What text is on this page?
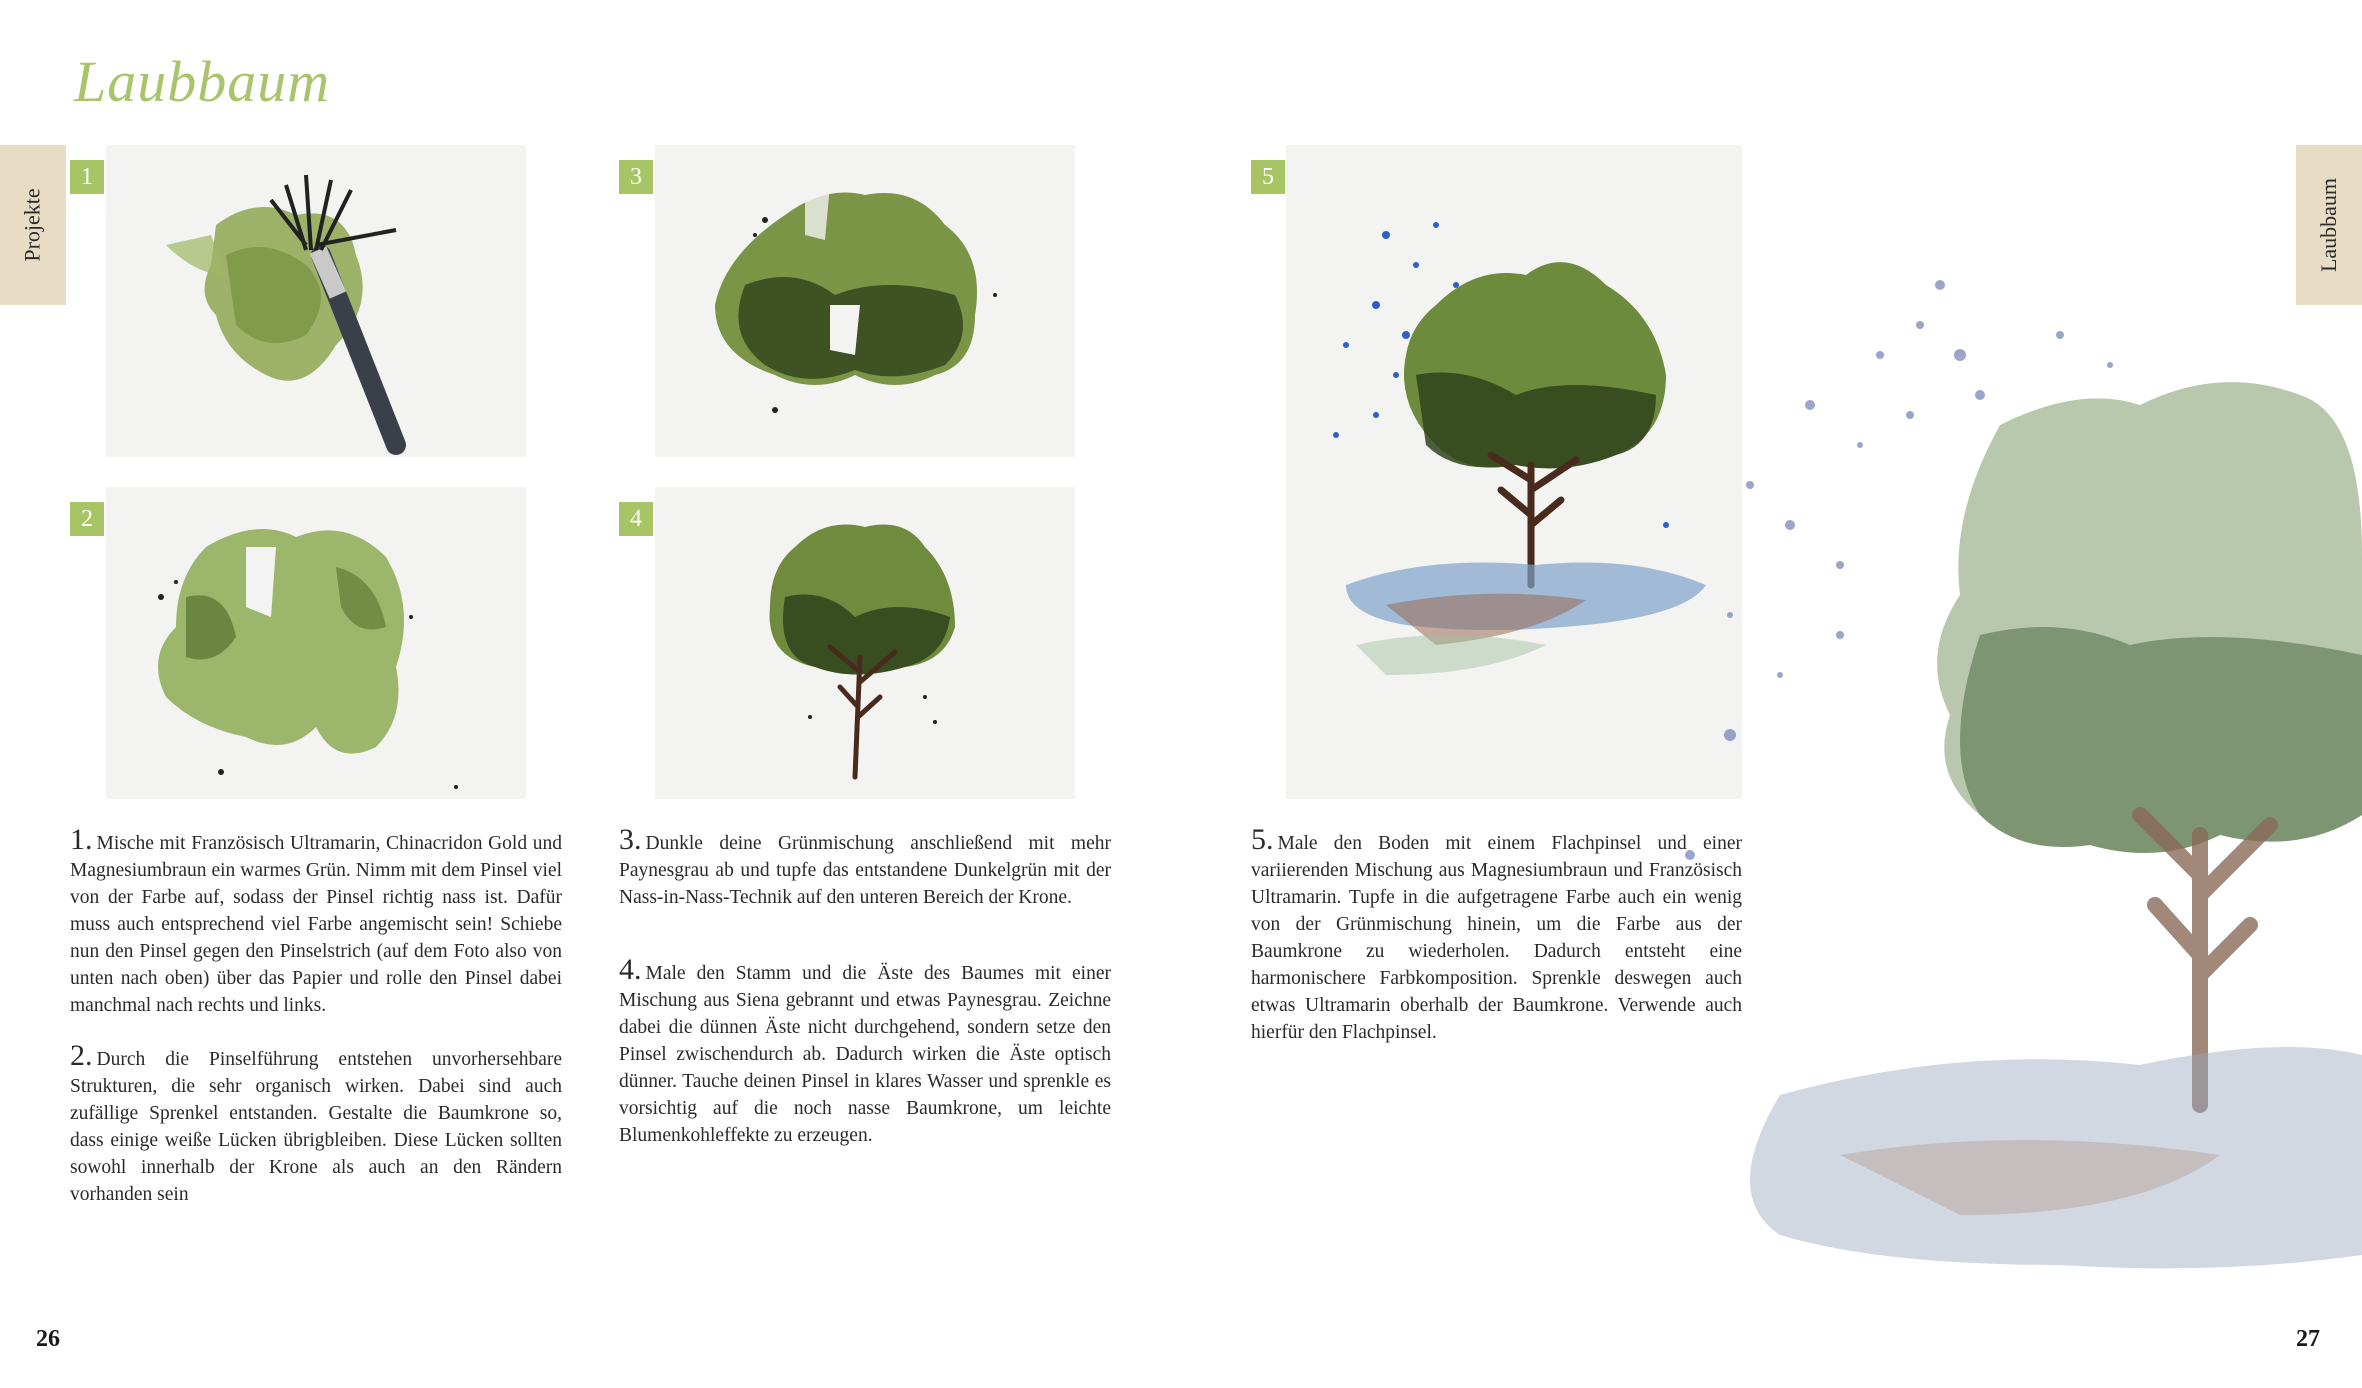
Laubbaum
Projekte	Laubbaum
1
2
3
4
5
1. Mische mit Französisch Ultramarin, Chinacridon Gold und Magnesiumbraun ein warmes Grün. Nimm mit dem Pinsel viel von der Farbe auf, sodass der Pinsel richtig nass ist. Dafür muss auch entsprechend viel Farbe angemischt sein! Schiebe nun den Pinsel gegen den Pinselstrich (auf dem Foto also von unten nach oben) über das Papier und rolle den Pinsel dabei manchmal nach rechts und links.
2. Durch die Pinselführung entstehen unvorhersehbare Strukturen, die sehr organisch wirken. Dabei sind auch zufällige Sprenkel entstanden. Gestalte die Baumkrone so, dass einige weiße Lücken übrigbleiben. Diese Lücken sollten sowohl innerhalb der Krone als auch an den Rändern vorhanden sein
3. Dunkle deine Grünmischung anschließend mit mehr Paynesgrau ab und tupfe das entstandene Dunkelgrün mit der Nass-in-Nass-Technik auf den unteren Bereich der Krone.
4. Male den Stamm und die Äste des Baumes mit einer Mischung aus Siena gebrannt und etwas Paynesgrau. Zeichne dabei die dünnen Äste nicht durchgehend, sondern setze den Pinsel zwischendurch ab. Dadurch wirken die Äste optisch dünner. Tauche deinen Pinsel in klares Wasser und sprenkle es vorsichtig auf die noch nasse Baumkrone, um leichte Blumenkohleffekte zu erzeugen.
5. Male den Boden mit einem Flachpinsel und einer variierenden Mischung aus Magnesiumbraun und Französisch Ultramarin. Tupfe in die aufgetragene Farbe auch ein wenig von der Grünmischung hinein, um die Farbe aus der Baumkrone zu wiederholen. Dadurch entsteht eine harmonischere Farbkomposition. Sprenkle deswegen auch etwas Ultramarin oberhalb der Baumkrone. Verwende auch hierfür den Flachpinsel.
26	27
